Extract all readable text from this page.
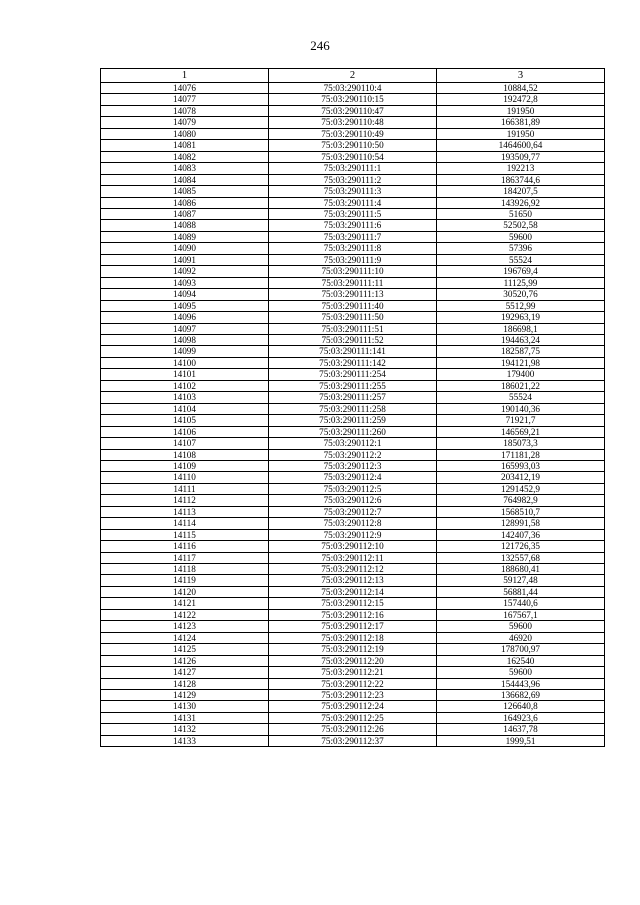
246
1	2	3
14076	75:03:290110:4	10884,52
14077	75:03:290110:15	192472,8
14078	75:03:290110:47	191950
14079	75:03:290110:48	166381,89
14080	75:03:290110:49	191950
14081	75:03:290110:50	1464600,64
14082	75:03:290110:54	193509,77
14083	75:03:290111:1	192213
14084	75:03:290111:2	1863744,6
14085	75:03:290111:3	184207,5
14086	75:03:290111:4	143926,92
14087	75:03:290111:5	51650
14088	75:03:290111:6	52502,58
14089	75:03:290111:7	59600
14090	75:03:290111:8	57396
14091	75:03:290111:9	55524
14092	75:03:290111:10	196769,4
14093	75:03:290111:11	11125,99
14094	75:03:290111:13	30520,76
14095	75:03:290111:40	5512,99
14096	75:03:290111:50	192963,19
14097	75:03:290111:51	186698,1
14098	75:03:290111:52	194463,24
14099	75:03:290111:141	182587,75
14100	75:03:290111:142	194121,98
14101	75:03:290111:254	179400
14102	75:03:290111:255	186021,22
14103	75:03:290111:257	55524
14104	75:03:290111:258	190140,36
14105	75:03:290111:259	71921,7
14106	75:03:290111:260	146569,21
14107	75:03:290112:1	185073,3
14108	75:03:290112:2	171181,28
14109	75:03:290112:3	165993,03
14110	75:03:290112:4	203412,19
14111	75:03:290112:5	1291452,9
14112	75:03:290112:6	764982,9
14113	75:03:290112:7	1568510,7
14114	75:03:290112:8	128991,58
14115	75:03:290112:9	142407,36
14116	75:03:290112:10	121726,35
14117	75:03:290112:11	132557,68
14118	75:03:290112:12	188680,41
14119	75:03:290112:13	59127,48
14120	75:03:290112:14	56881,44
14121	75:03:290112:15	157440,6
14122	75:03:290112:16	167567,1
14123	75:03:290112:17	59600
14124	75:03:290112:18	46920
14125	75:03:290112:19	178700,97
14126	75:03:290112:20	162540
14127	75:03:290112:21	59600
14128	75:03:290112:22	154443,96
14129	75:03:290112:23	136682,69
14130	75:03:290112:24	126640,8
14131	75:03:290112:25	164923,6
14132	75:03:290112:26	14637,78
14133	75:03:290112:37	1999,51
